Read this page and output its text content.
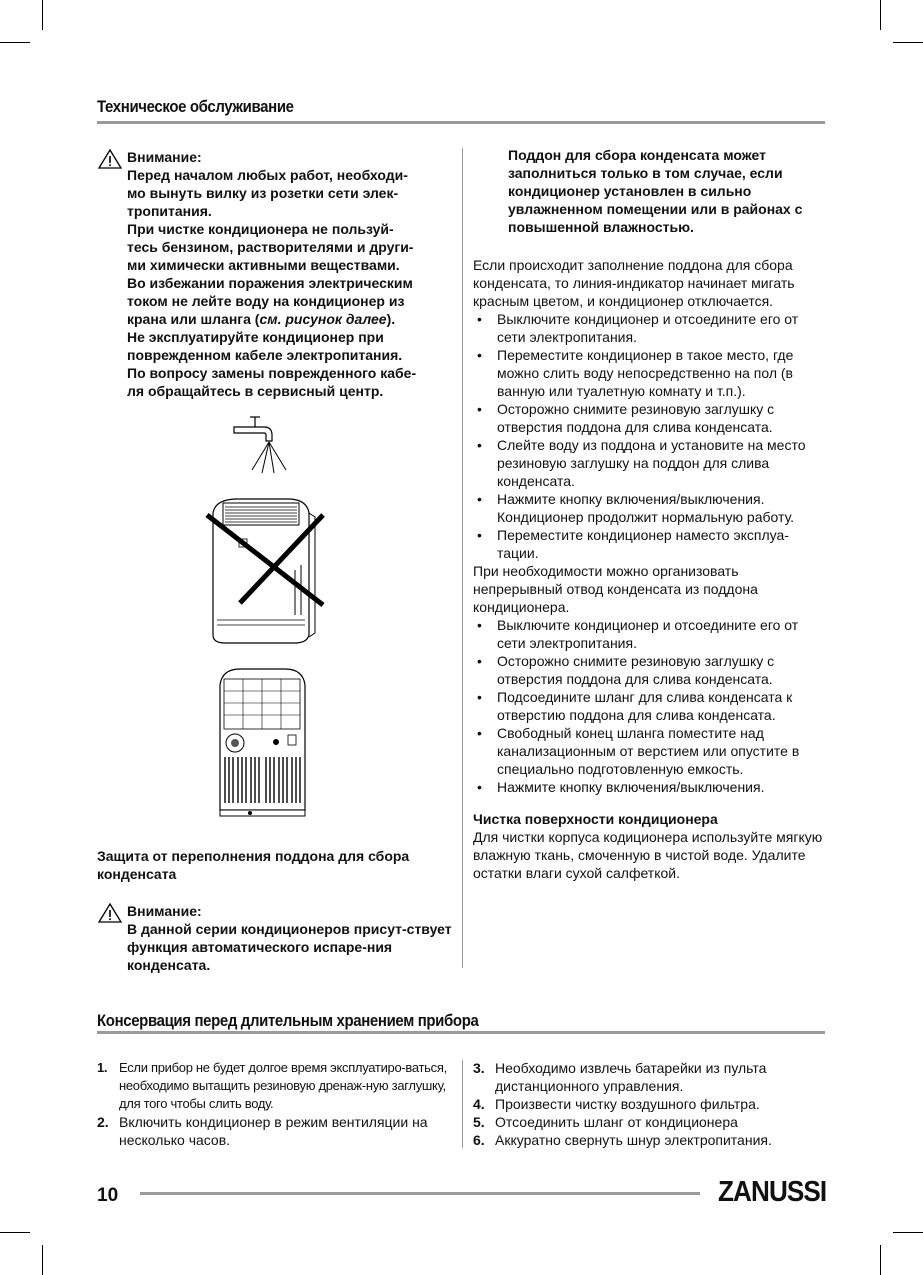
Техническое обслуживание
Внимание:
Перед началом любых работ, необходи-
мо вынуть вилку из розетки сети элек-
тропитания.
При чистке кондиционера не пользуй-
тесь бензином, растворителями и други-
ми химически активными веществами.
Во избежании поражения электрическим
током не лейте воду на кондиционер из
крана или шланга (см. рисунок далее).
Не эксплуатируйте кондиционер при
поврежденном кабеле электропитания.
По вопросу замены поврежденного кабе-
ля обращайтесь в сервисный центр.
Защита от переполнения поддона для сбора конденсата
Внимание:
В данной серии кондиционеров присут-ствует функция автоматического испаре-ния конденсата.

Поддон для сбора конденсата может заполниться только в том случае, если кондиционер установлен в сильно увлажненном помещении или в районах с повышенной влажностью.

Если происходит заполнение поддона для сбора конденсата, то линия-индикатор начинает мигать красным цветом, и кондиционер отключается.

• Выключите кондиционер и отсоедините его от сети электропитания.
• Переместите кондиционер в такое место, где можно слить воду непосредственно на пол (в ванную или туалетную комнату и т.п.).
• Осторожно снимите резиновую заглушку с отверстия поддона для слива конденсата.
• Слейте воду из поддона и установите на место резиновую заглушку на поддон для слива конденсата.
• Нажмите кнопку включения/выключения. Кондиционер продолжит нормальную работу.
• Переместите кондиционер наместо эксплуа-тации.

При необходимости можно организовать непрерывный отвод конденсата из поддона кондиционера.

• Выключите кондиционер и отсоедините его от сети электропитания.
• Осторожно снимите резиновую заглушку с отверстия поддона для слива конденсата.
• Подсоедините шланг для слива конденсата к отверстию поддона для слива конденсата.
• Свободный конец шланга поместите над канализационным от верстием или опустите в специально подготовленную емкость.
• Нажмите кнопку включения/выключения.

Чистка поверхности кондиционера

Для чистки корпуса кодиционера используйте мягкую влажную ткань, смоченную в чистой воде. Удалите остатки влаги сухой салфеткой.

Консервация перед длительным хранением прибора
1. Если прибор не будет долгое время эксплуатиро-ваться, необходимо вытащить резиновую дренаж-ную заглушку, для того чтобы слить воду.
2. Включить кондиционер в режим вентиляции на несколько часов.
3. Необходимо извлечь батарейки из пульта дистанционного управления.
4. Произвести чистку воздушного фильтра.
5. Отсоединить шланг от кондиционера
6. Аккуратно свернуть шнур электропитания.
10	ZANUSSI
